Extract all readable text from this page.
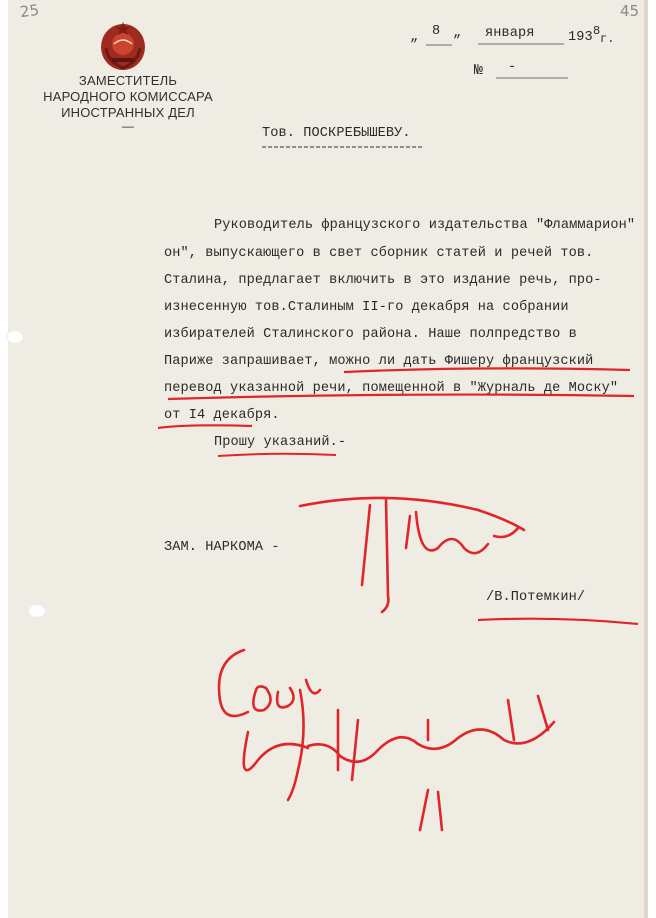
25	45
ЗАМЕСТИТЕЛЬ
НАРОДНОГО КОМИССАРА
ИНОСТРАННЫХ ДЕЛ
—
„ 8 „ января 193 8
г.
№ -
Тов. ПОСКРЕБЫШЕВУ.
Руководитель французского издательства "Фламмарион"
он", выпускающего в свет сборник статей и речей тов.
Сталина, предлагает включить в это издание речь, про-
изнесенную тов.Сталиным II-го декабря на собрании
избирателей Сталинского района. Наше полпредство в
Париже запрашивает, можно ли дать Фишеру французский
перевод указанной речи, помещенной в "Журналь де Моску"
от I4 декабря.
Прошу указаний.-
ЗАМ. НАРКОМА -
/В.Потемкин/
